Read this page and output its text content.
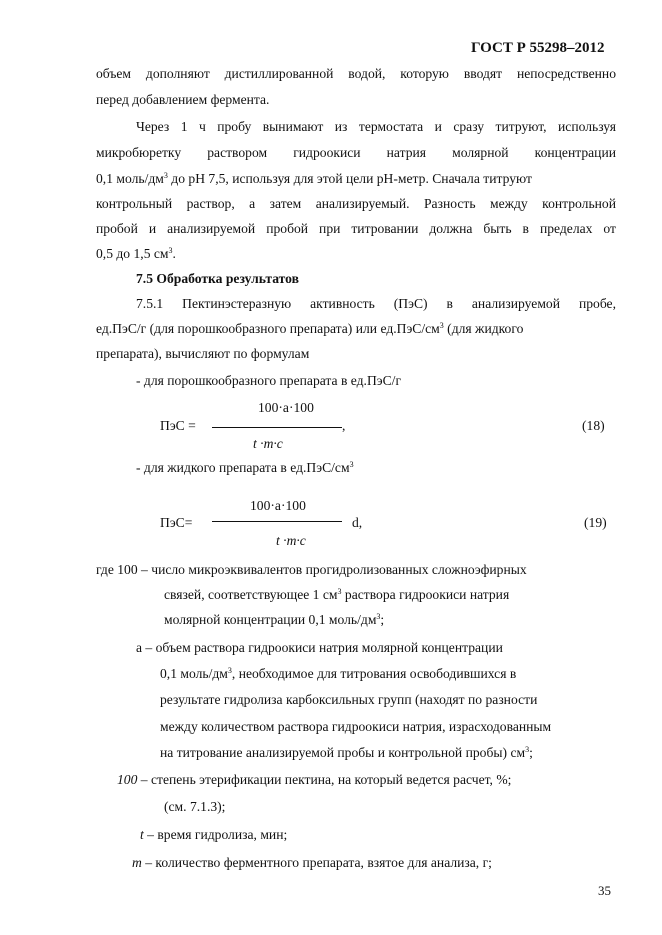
ГОСТ Р 55298–2012
объем дополняют дистиллированной водой, которую вводят непосредственно
перед добавлением фермента.
Через 1 ч пробу вынимают из термостата и сразу титруют, используя
микробюретку раствором гидроокиси натрия молярной концентрации
0,1 моль/$дм^3$ до рН 7,5, используя для этой цели рН-метр. Сначала титруют
контрольный раствор, а затем анализируемый. Разность между контрольной
пробой и анализируемой пробой при титровании должна быть в пределах от
0,5 до 1,5 $см^3$.
7.5 Обработка результатов
7.5.1 Пектинэстеразную активность (ПэС) в анализируемой пробе,
ед.ПэС/г (для порошкообразного препарата) или $ед.ПэС/см^3$ (для жидкого
препарата), вычисляют по формулам
- для порошкообразного препарата в ед.ПэС/г
100·a·100
ПэС =	,	(18)
t ·m·c
- для жидкого препарата в $ед.ПэС/см^3$
100·a·100
ПэС=	d,	(19)
t ·m·c
где 100 – число микроэквивалентов прогидролизованных сложноэфирных
связей, соответствующее 1 $см^3$ раствора гидроокиси натрия
молярной концентрации 0,1 моль/$дм^3$;
а – объем раствора гидроокиси натрия молярной концентрации
0,1 моль/$дм^3$, необходимое для титрования освободившихся в
результате гидролиза карбоксильных групп (находят по разности
между количеством раствора гидроокиси натрия, израсходованным
на титрование анализируемой пробы и контрольной пробы) $см^3$;
100 – степень этерификации пектина, на который ведется расчет, %;
(см. 7.1.3);
t – время гидролиза, мин;
m – количество ферментного препарата, взятое для анализа, г;
35
